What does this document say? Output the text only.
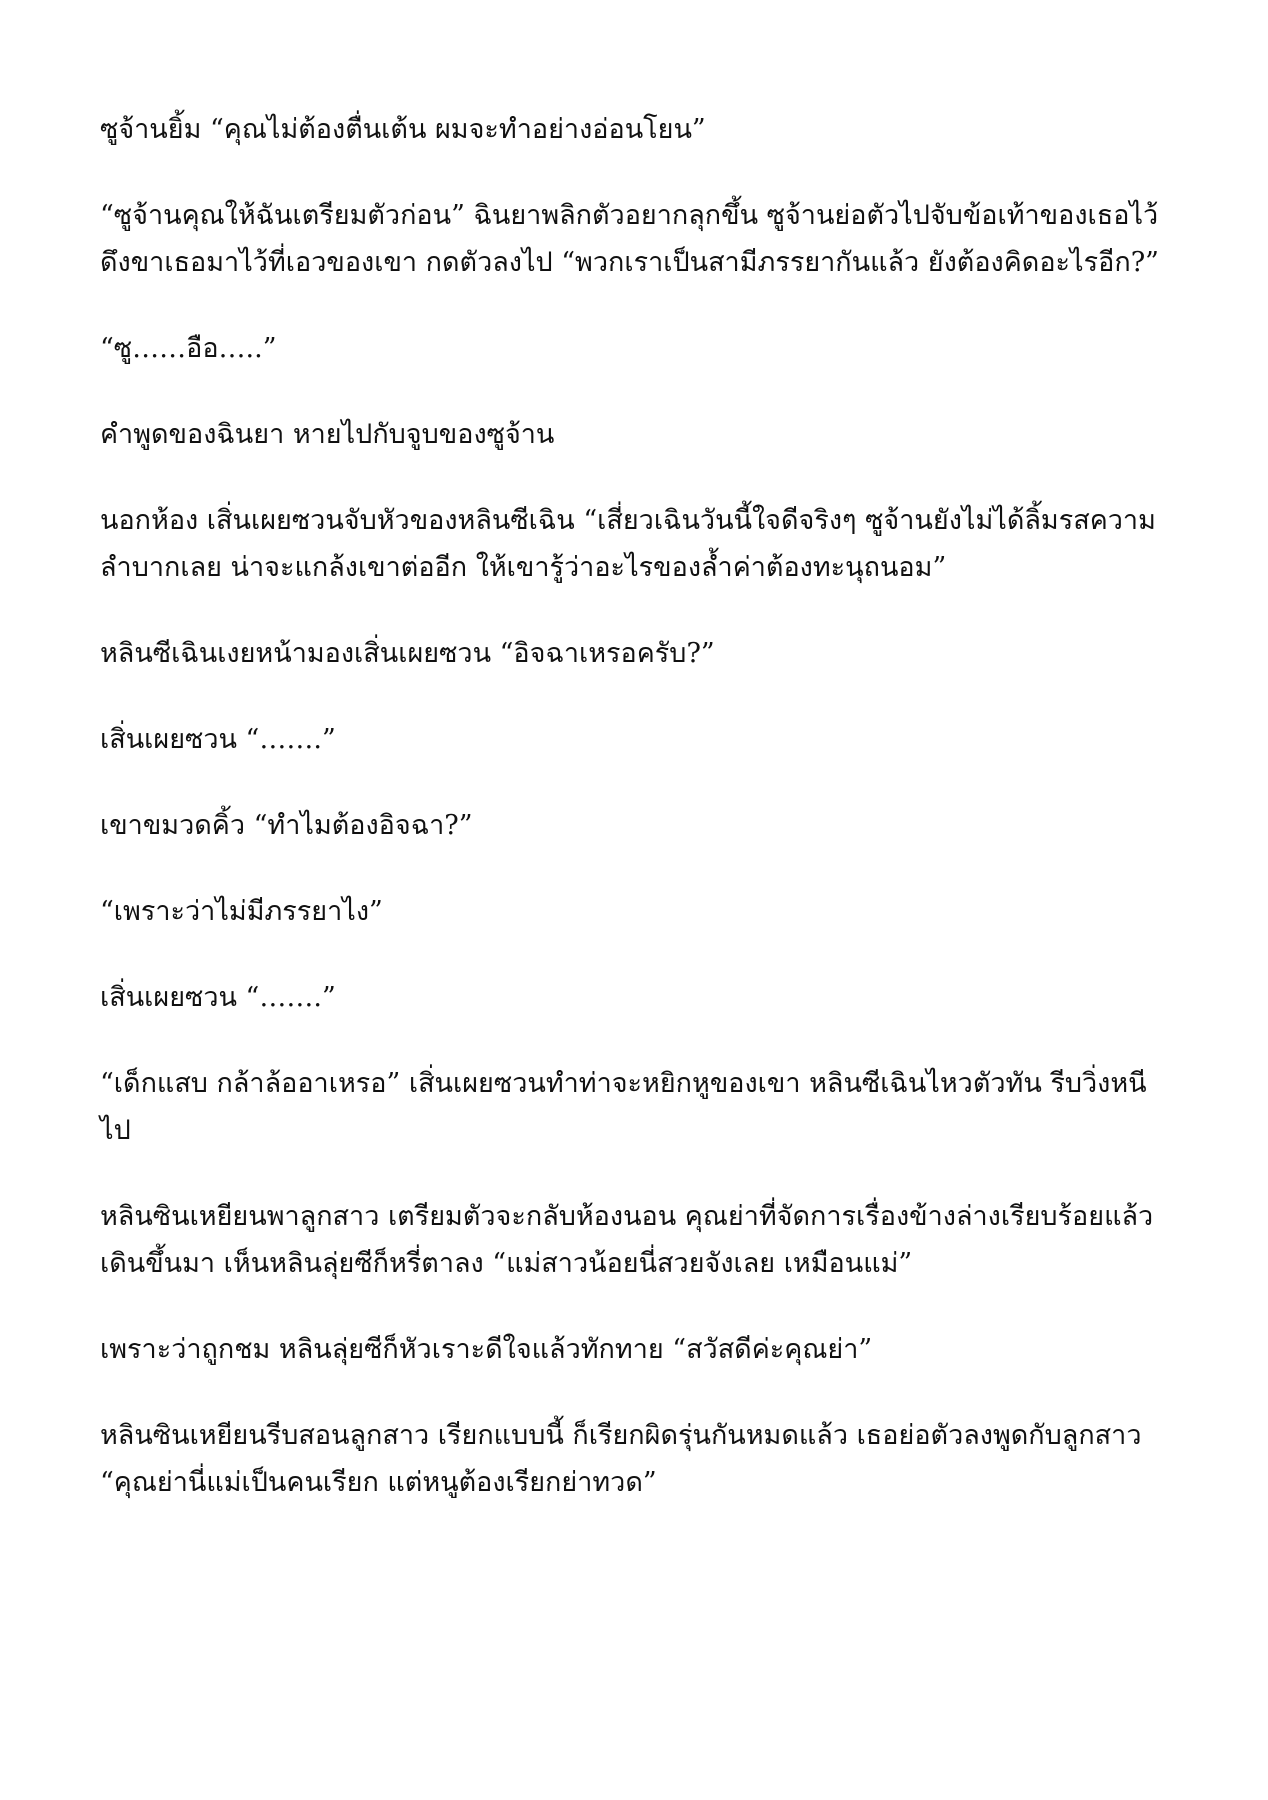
ซูจ้านยิ้ม “คุณไม่ต้องตื่นเต้น ผมจะทำอย่างอ่อนโยน”

“ซูจ้านคุณให้ฉันเตรียมตัวก่อน” ฉินยาพลิกตัวอยากลุกขึ้น ซูจ้านย่อตัวไปจับข้อเท้าของเธอไว้ ดึงขาเธอมาไว้ที่เอวของเขา กดตัวลงไป “พวกเราเป็นสามีภรรยากันแล้ว ยังต้องคิดอะไรอีก?”

“ซู……อือ…..”

คำพูดของฉินยา หายไปกับจูบของซูจ้าน

นอกห้อง เสิ่นเผยซวนจับหัวของหลินซีเฉิน “เสี่ยวเฉินวันนี้ใจดีจริงๆ ซูจ้านยังไม่ได้ลิ้มรสความลำบากเลย น่าจะแกล้งเขาต่ออีก ให้เขารู้ว่าอะไรของล้ำค่าต้องทะนุถนอม”

หลินซีเฉินเงยหน้ามองเสิ่นเผยซวน “อิจฉาเหรอครับ?”

เสิ่นเผยซวน “…….”

เขาขมวดคิ้ว “ทำไมต้องอิจฉา?”

“เพราะว่าไม่มีภรรยาไง”

เสิ่นเผยซวน “…….”

“เด็กแสบ กล้าล้ออาเหรอ” เสิ่นเผยซวนทำท่าจะหยิกหูของเขา หลินซีเฉินไหวตัวทัน รีบวิ่งหนีไป

หลินซินเหยียนพาลูกสาว เตรียมตัวจะกลับห้องนอน คุณย่าที่จัดการเรื่องข้างล่างเรียบร้อยแล้วเดินขึ้นมา เห็นหลินลุ่ยซีก็หรี่ตาลง “แม่สาวน้อยนี่สวยจังเลย เหมือนแม่”

เพราะว่าถูกชม หลินลุ่ยซีก็หัวเราะดีใจแล้วทักทาย “สวัสดีค่ะคุณย่า”

หลินซินเหยียนรีบสอนลูกสาว เรียกแบบนี้ ก็เรียกผิดรุ่นกันหมดแล้ว เธอย่อตัวลงพูดกับลูกสาว “คุณย่านี่แม่เป็นคนเรียก แต่หนูต้องเรียกย่าทวด”
